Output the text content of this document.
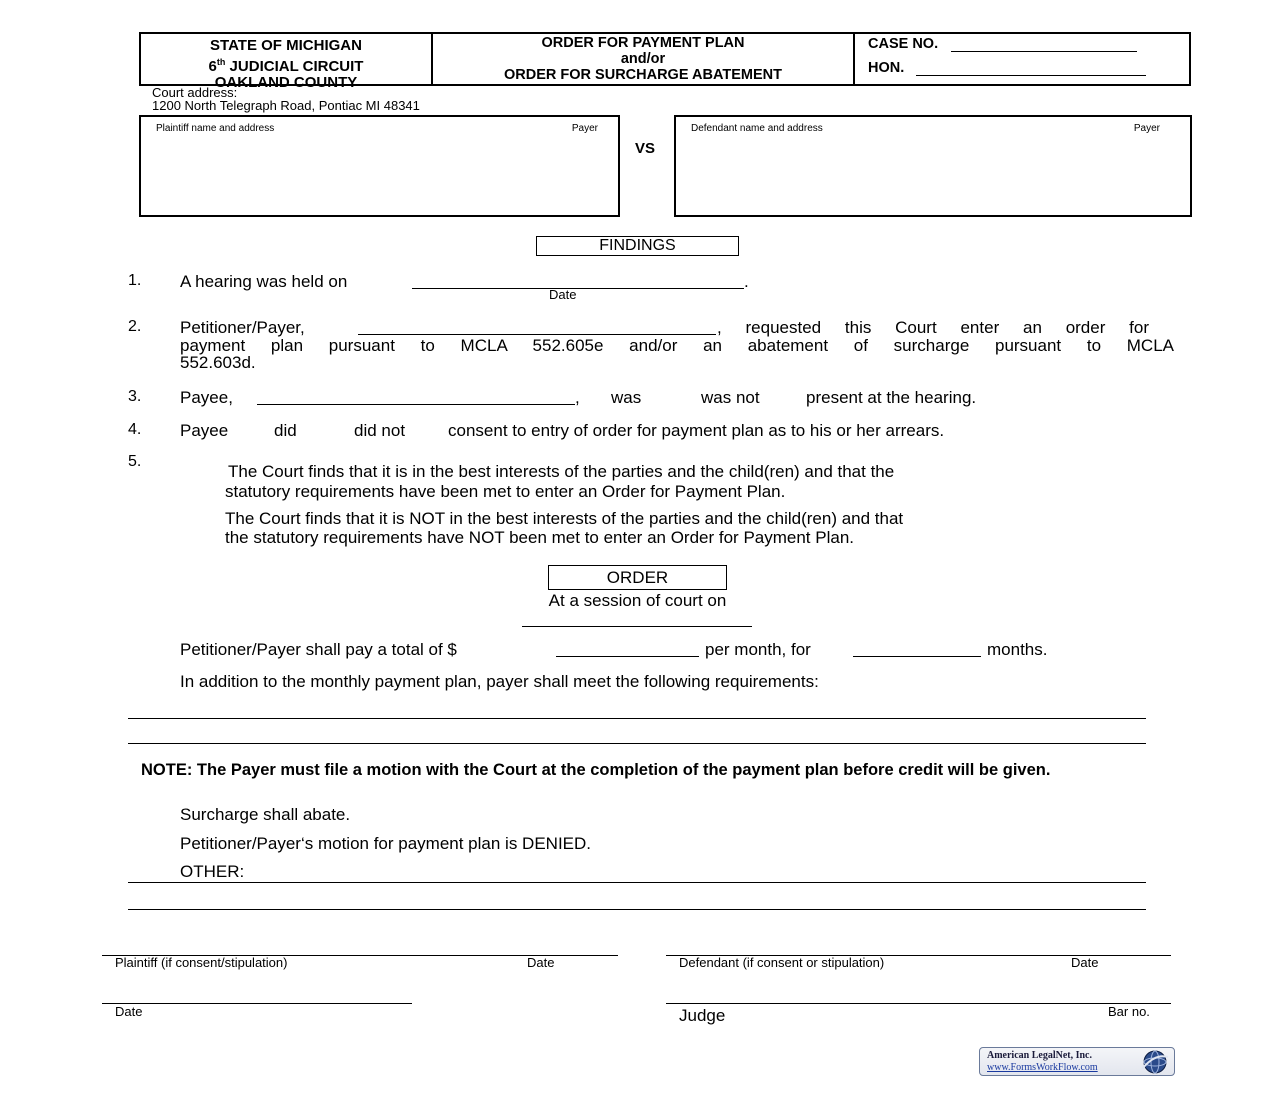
STATE OF MICHIGAN
6th JUDICIAL CIRCUIT
OAKLAND COUNTY
ORDER FOR PAYMENT PLAN
and/or
ORDER FOR SURCHARGE ABATEMENT
CASE NO.
HON.
Court address:
1200 North Telegraph Road, Pontiac MI 48341
Plaintiff name and address	Payer
VS
Defendant name and address	Payer
FINDINGS
1. A hearing was held on	.
Date
2. Petitioner/Payer,	, requested this Court enter an order for
payment plan pursuant to MCLA 552.605e and/or an abatement of surcharge pursuant to MCLA
552.603d.
3. Payee,	, was	was not	present at the hearing.
4. Payee	did	did not	consent to entry of order for payment plan as to his or her arrears.
5.
The Court finds that it is in the best interests of the parties and the child(ren) and that the
statutory requirements have been met to enter an Order for Payment Plan.
The Court finds that it is NOT in the best interests of the parties and the child(ren) and that
the statutory requirements have NOT been met to enter an Order for Payment Plan.
ORDER
At a session of court on
Petitioner/Payer shall pay a total of $	per month, for	months.
In addition to the monthly payment plan, payer shall meet the following requirements:
NOTE: The Payer must file a motion with the Court at the completion of the payment plan before credit will be given.
Surcharge shall abate.
Petitioner/Payer‘s motion for payment plan is DENIED.
OTHER:
Plaintiff (if consent/stipulation)	Date	Defendant (if consent or stipulation)	Date
Date	Judge	Bar no.
American LegalNet, Inc.
www.FormsWorkFlow.com
